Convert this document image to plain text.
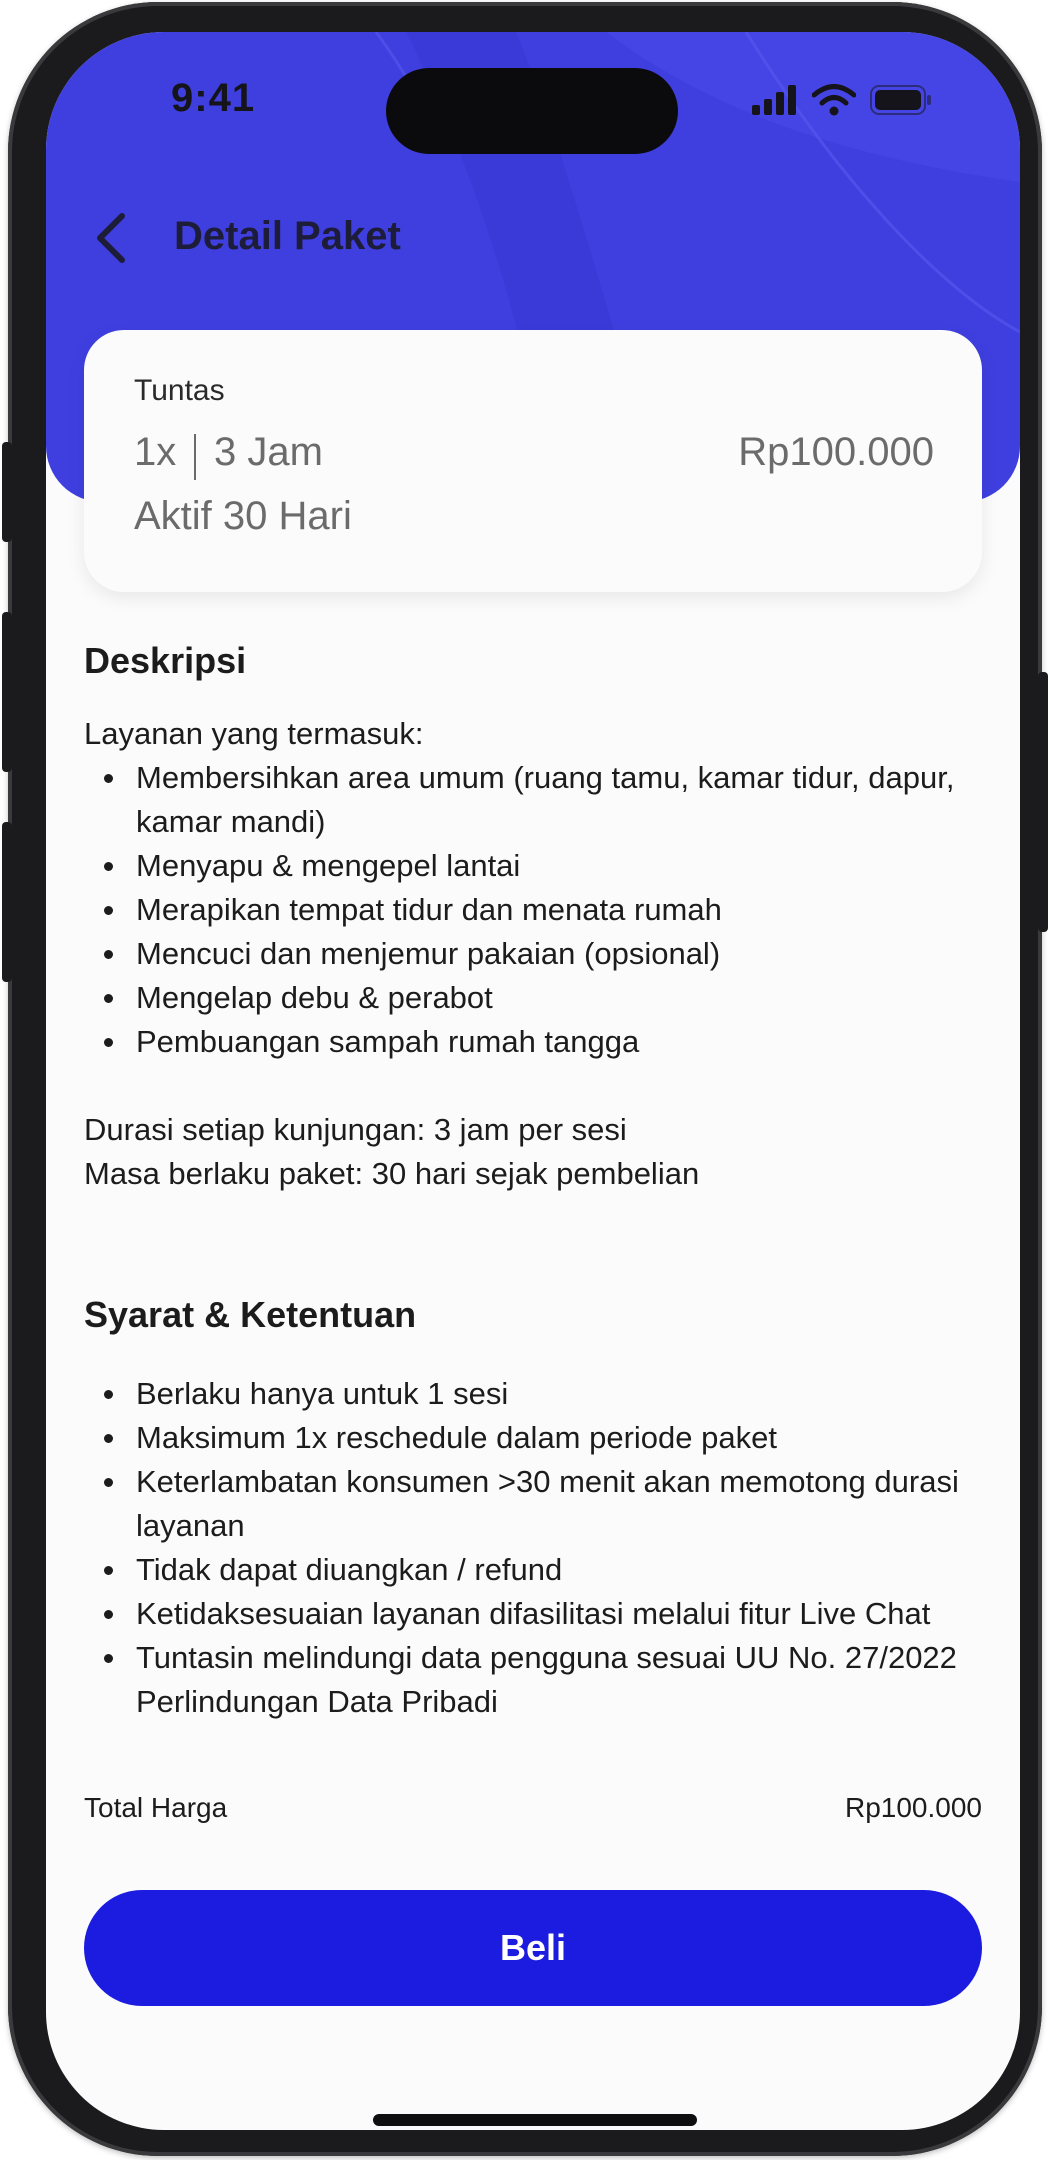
9:41
Detail Paket
Tuntas
1x 3 Jam	Rp100.000
Aktif 30 Hari
Deskripsi
Layanan yang termasuk:
Membersihkan area umum (ruang tamu, kamar tidur, dapur, kamar mandi)
Menyapu & mengepel lantai
Merapikan tempat tidur dan menata rumah
Mencuci dan menjemur pakaian (opsional)
Mengelap debu & perabot
Pembuangan sampah rumah tangga
Durasi setiap kunjungan: 3 jam per sesi
Masa berlaku paket: 30 hari sejak pembelian
Syarat & Ketentuan
Berlaku hanya untuk 1 sesi
Maksimum 1x reschedule dalam periode paket
Keterlambatan konsumen >30 menit akan memotong durasi layanan
Tidak dapat diuangkan / refund
Ketidaksesuaian layanan difasilitasi melalui fitur Live Chat
Tuntasin melindungi data pengguna sesuai UU No. 27/2022 Perlindungan Data Pribadi
Total Harga	Rp100.000
Beli
